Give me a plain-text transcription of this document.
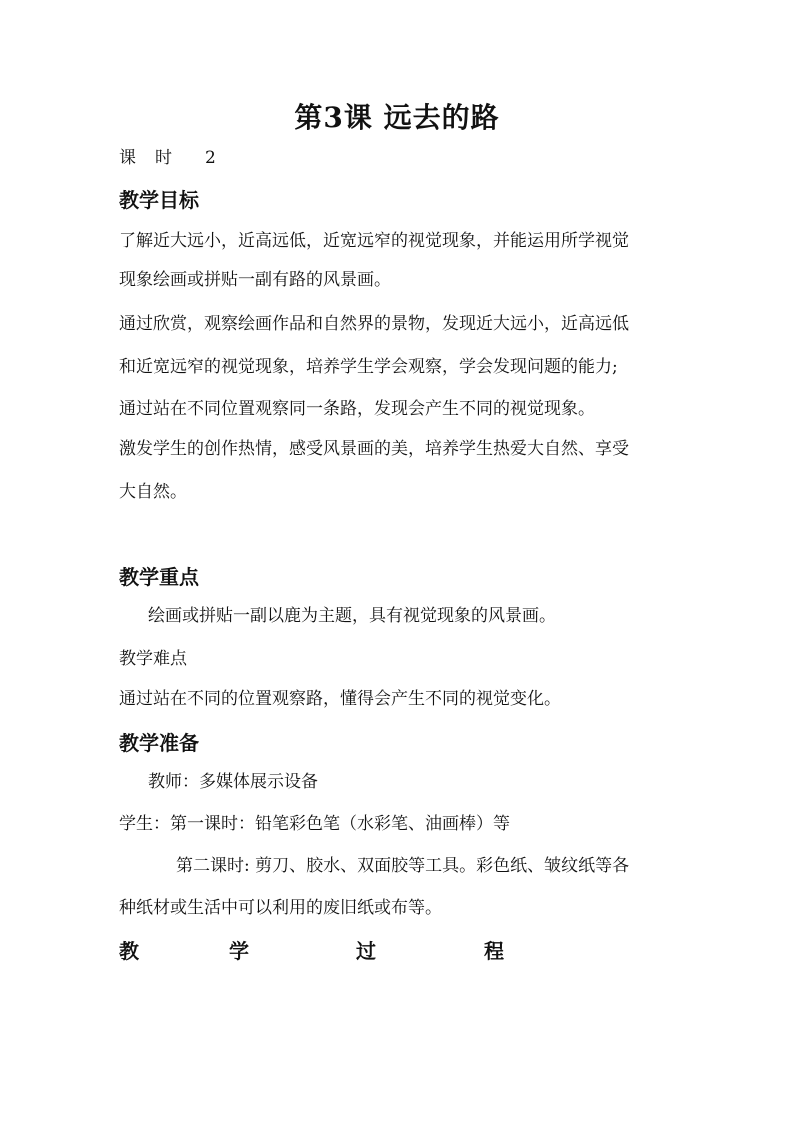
第3课 远去的路
课 时 2
教学目标
了解近大远小，近高远低，近宽远窄的视觉现象，并能运用所学视觉
现象绘画或拼贴一副有路的风景画。
通过欣赏，观察绘画作品和自然界的景物，发现近大远小，近高远低
和近宽远窄的视觉现象，培养学生学会观察，学会发现问题的能力;
通过站在不同位置观察同一条路，发现会产生不同的视觉现象。
激发学生的创作热情，感受风景画的美，培养学生热爱大自然、享受
大自然。
教学重点
绘画或拼贴一副以鹿为主题，具有视觉现象的风景画。
教学难点
通过站在不同的位置观察路，懂得会产生不同的视觉变化。
教学准备
教师：多媒体展示设备
学生：第一课时：铅笔彩色笔（水彩笔、油画棒）等
第二课时: 剪刀、胶水、双面胶等工具。彩色纸、皱纹纸等各
种纸材或生活中可以利用的废旧纸或布等。
教	学	过	程
